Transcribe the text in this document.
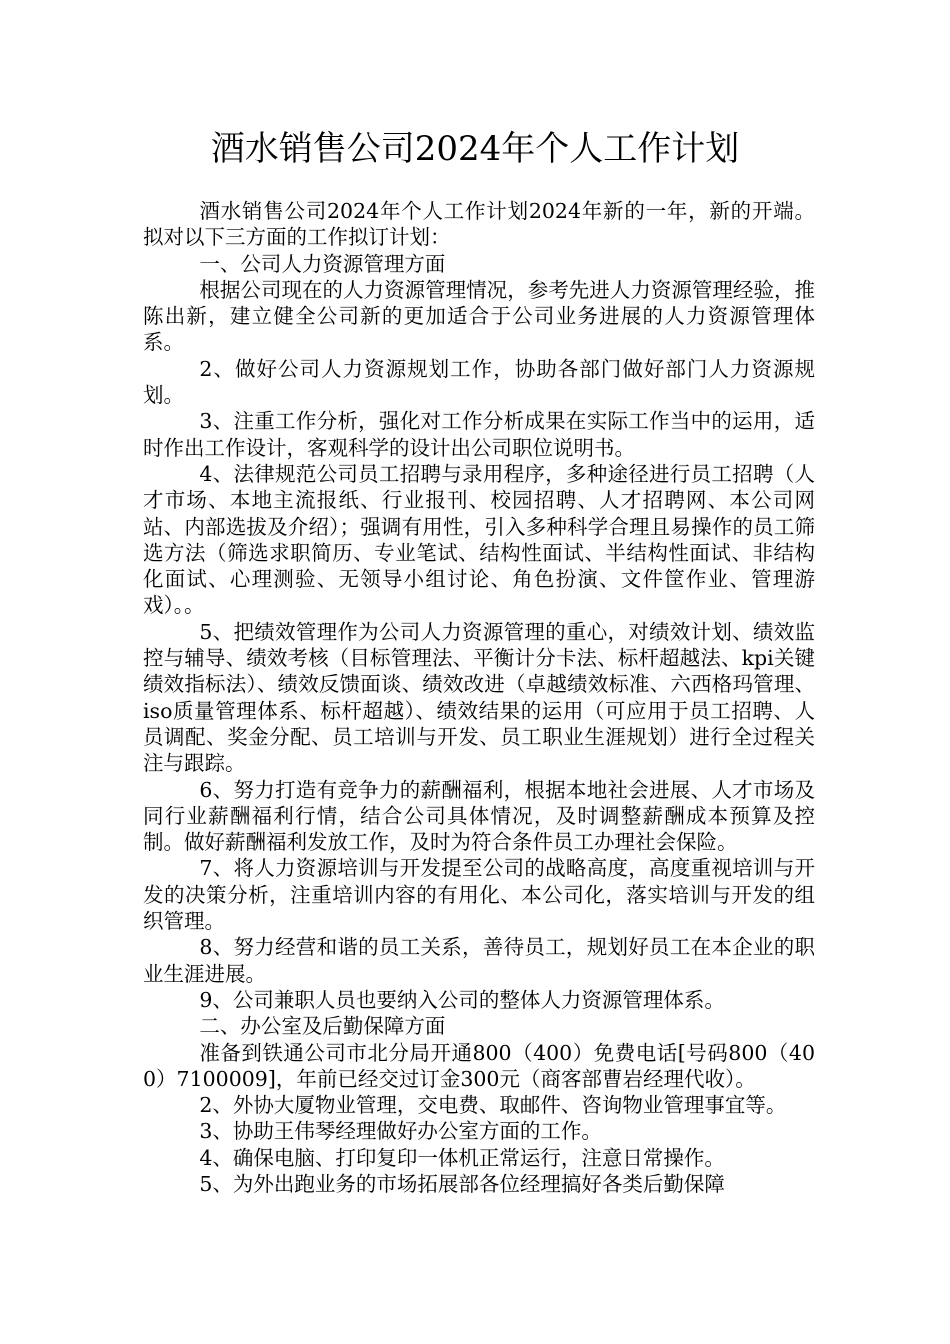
酒水销售公司2024年个人工作计划

酒水销售公司2024年个人工作计划2024年新的一年，新的开端。拟对以下三方面的工作拟订计划：

一、公司人力资源管理方面

根据公司现在的人力资源管理情况，参考先进人力资源管理经验，推陈出新，建立健全公司新的更加适合于公司业务进展的人力资源管理体系。

2、做好公司人力资源规划工作，协助各部门做好部门人力资源规划。

3、注重工作分析，强化对工作分析成果在实际工作当中的运用，适时作出工作设计，客观科学的设计出公司职位说明书。

4、法律规范公司员工招聘与录用程序，多种途径进行员工招聘（人才市场、本地主流报纸、行业报刊、校园招聘、人才招聘网、本公司网站、内部选拔及介绍）；强调有用性，引入多种科学合理且易操作的员工筛选方法（筛选求职简历、专业笔试、结构性面试、半结构性面试、非结构化面试、心理测验、无领导小组讨论、角色扮演、文件筐作业、管理游戏）。。

5、把绩效管理作为公司人力资源管理的重心，对绩效计划、绩效监控与辅导、绩效考核（目标管理法、平衡计分卡法、标杆超越法、kpi关键绩效指标法）、绩效反馈面谈、绩效改进（卓越绩效标准、六西格玛管理、iso质量管理体系、标杆超越）、绩效结果的运用（可应用于员工招聘、人员调配、奖金分配、员工培训与开发、员工职业生涯规划）进行全过程关注与跟踪。

6、努力打造有竞争力的薪酬福利，根据本地社会进展、人才市场及同行业薪酬福利行情，结合公司具体情况，及时调整薪酬成本预算及控制。做好薪酬福利发放工作，及时为符合条件员工办理社会保险。

7、将人力资源培训与开发提至公司的战略高度，高度重视培训与开发的决策分析，注重培训内容的有用化、本公司化，落实培训与开发的组织管理。

8、努力经营和谐的员工关系，善待员工，规划好员工在本企业的职业生涯进展。

9、公司兼职人员也要纳入公司的整体人力资源管理体系。

二、办公室及后勤保障方面

准备到铁通公司市北分局开通800（400）免费电话[号码800（400）7100009]，年前已经交过订金300元（商客部曹岩经理代收）。

2、外协大厦物业管理，交电费、取邮件、咨询物业管理事宜等。

3、协助王伟琴经理做好办公室方面的工作。

4、确保电脑、打印复印一体机正常运行，注意日常操作。

5、为外出跑业务的市场拓展部各位经理搞好各类后勤保障
